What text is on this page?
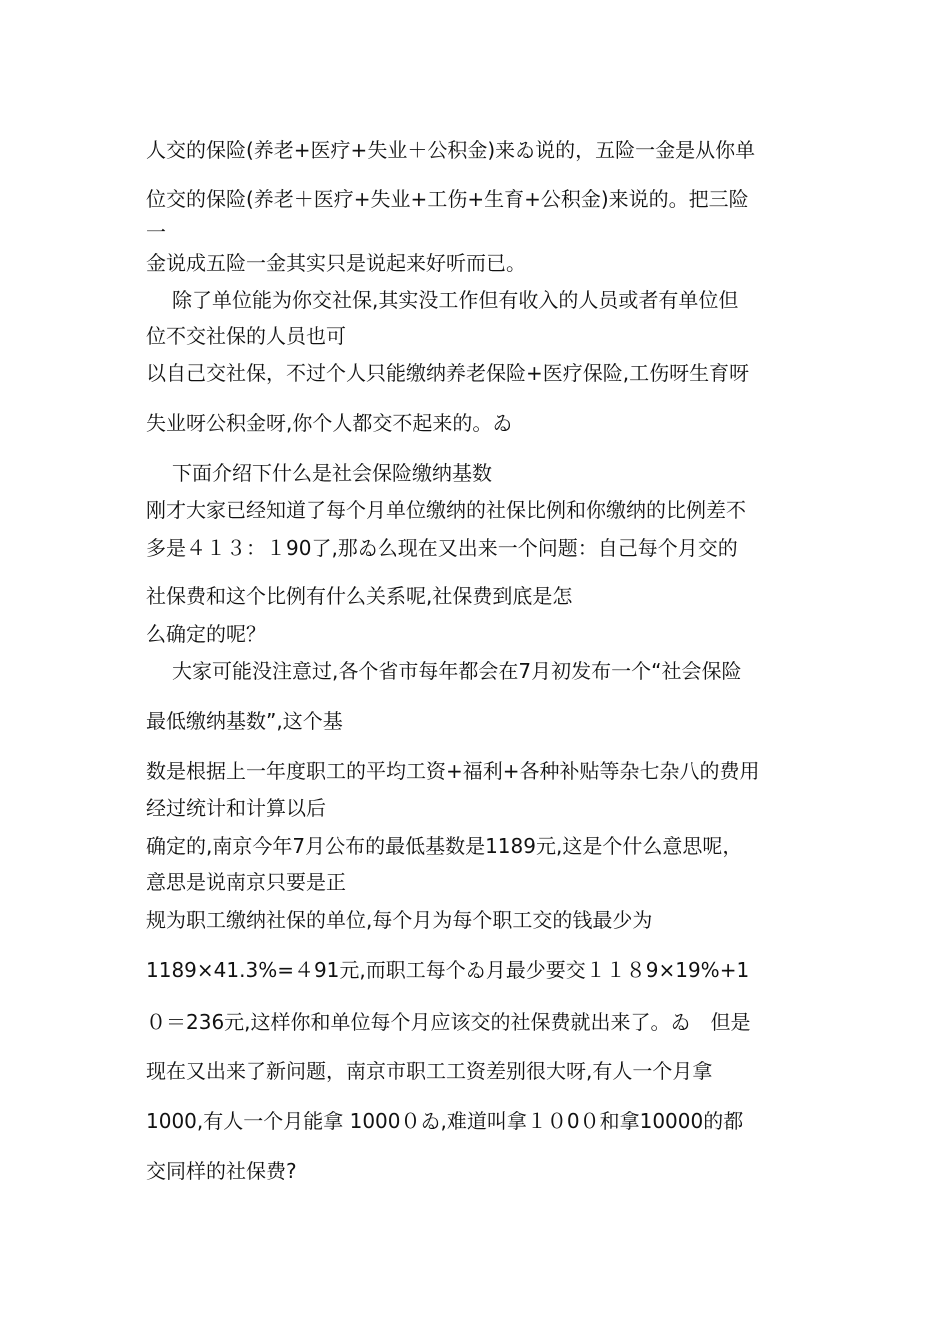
人交的保险(养老+医疗+失业＋公积金)来ゐ说的，五险一金是从你单
位交的保险(养老＋医疗+失业+工伤+生育+公积金)来说的。把三险
一
金说成五险一金其实只是说起来好听而已。
除了单位能为你交社保,其实没工作但有收入的人员或者有单位但
位不交社保的人员也可
以自己交社保，不过个人只能缴纳养老保险+医疗保险,工伤呀生育呀
失业呀公积金呀,你个人都交不起来的。ゐ
下面介绍下什么是社会保险缴纳基数
刚才大家已经知道了每个月单位缴纳的社保比例和你缴纳的比例差不
多是４１３：１90了,那ゐ么现在又出来一个问题：自己每个月交的
社保费和这个比例有什么关系呢,社保费到底是怎
么确定的呢？
大家可能没注意过,各个省市每年都会在7月初发布一个“社会保险
最低缴纳基数”,这个基
数是根据上一年度职工的平均工资+福利+各种补贴等杂七杂八的费用
经过统计和计算以后
确定的,南京今年7月公布的最低基数是1189元,这是个什么意思呢，
意思是说南京只要是正
规为职工缴纳社保的单位,每个月为每个职工交的钱最少为
1189×41.3%=４91元,而职工每个ゐ月最少要交１１８9×19%+1
０＝236元,这样你和单位每个月应该交的社保费就出来了。ゐ　但是
现在又出来了新问题，南京市职工工资差别很大呀,有人一个月拿
1000,有人一个月能拿 1000０ゐ,难道叫拿１０0０和拿10000的都
交同样的社保费?
